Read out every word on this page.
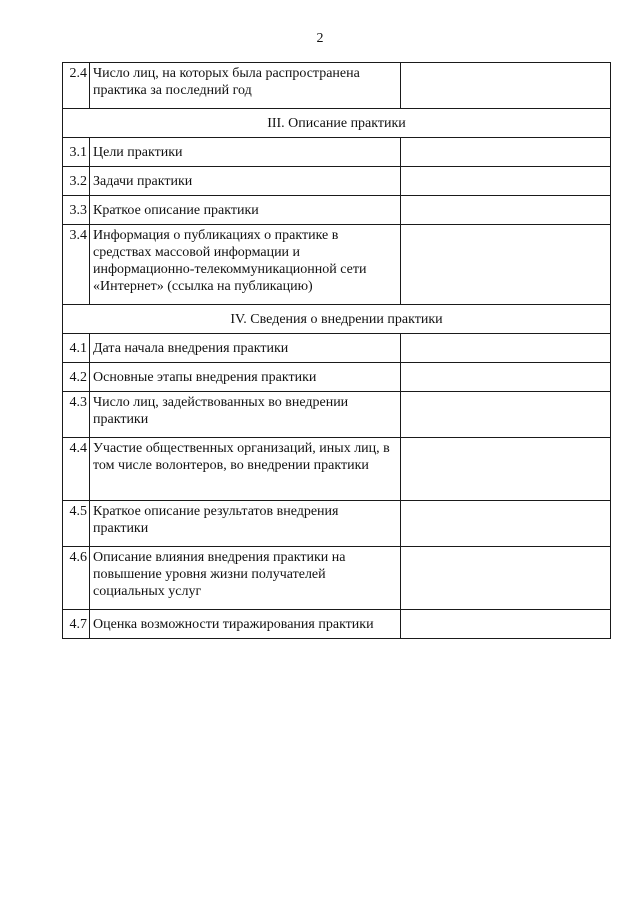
2
2.4	Число лиц, на которых была распространена практика за последний год	
III. Описание практики		
3.1	Цели практики	
3.2	Задачи практики	
3.3	Краткое описание практики	
3.4	Информация о публикациях о практике в средствах массовой информации и информационно-телекоммуникационной сети «Интернет» (ссылка на публикацию)	
IV. Сведения о внедрении практики		
4.1	Дата начала внедрения практики	
4.2	Основные этапы внедрения практики	
4.3	Число лиц, задействованных во внедрении практики	
4.4	Участие общественных организаций, иных лиц, в том числе волонтеров, во внедрении практики	
4.5	Краткое описание результатов внедрения практики	
4.6	Описание влияния внедрения практики на повышение уровня жизни получателей социальных услуг	
4.7	Оценка возможности тиражирования практики	
